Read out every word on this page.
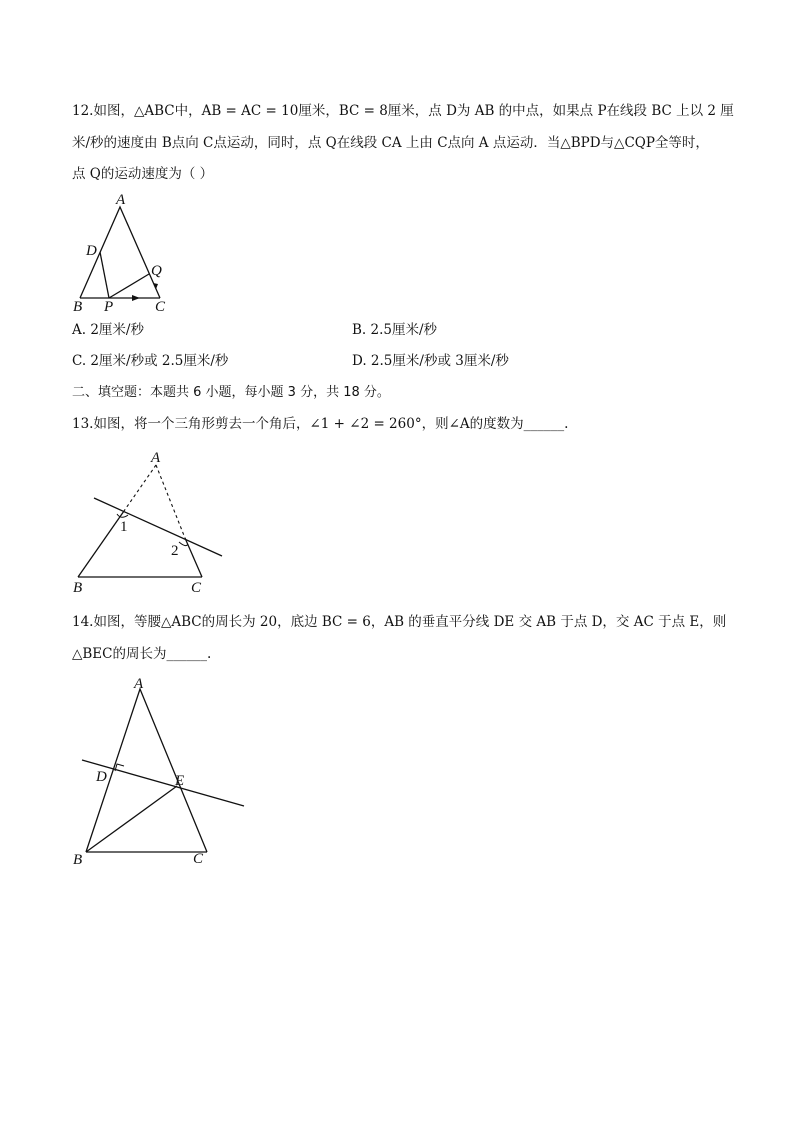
12.如图，△ABC中，AB = AC = 10厘米，BC = 8厘米，点 D为 AB 的中点，如果点 P在线段 BC 上以 2 厘
米/秒的速度由 B点向 C点运动，同时，点 Q在线段 CA 上由 C点向 A 点运动．当△BPD与△CQP全等时，
点 Q的运动速度为（ ）
A
D
Q
B P	C
A. 2厘米/秒	B. 2.5厘米/秒
C. 2厘米/秒或 2.5厘米/秒	D. 2.5厘米/秒或 3厘米/秒
二、填空题：本题共 6 小题，每小题 3 分，共 18 分。
13.如图，将一个三角形剪去一个角后，∠1 + ∠2 = 260°，则∠A的度数为______.
A
1
2
B	C
14.如图，等腰△ABC的周长为 20，底边 BC = 6，AB 的垂直平分线 DE 交 AB 于点 D，交 AC 于点 E，则
△BEC的周长为______.
A
D	E
B	C
